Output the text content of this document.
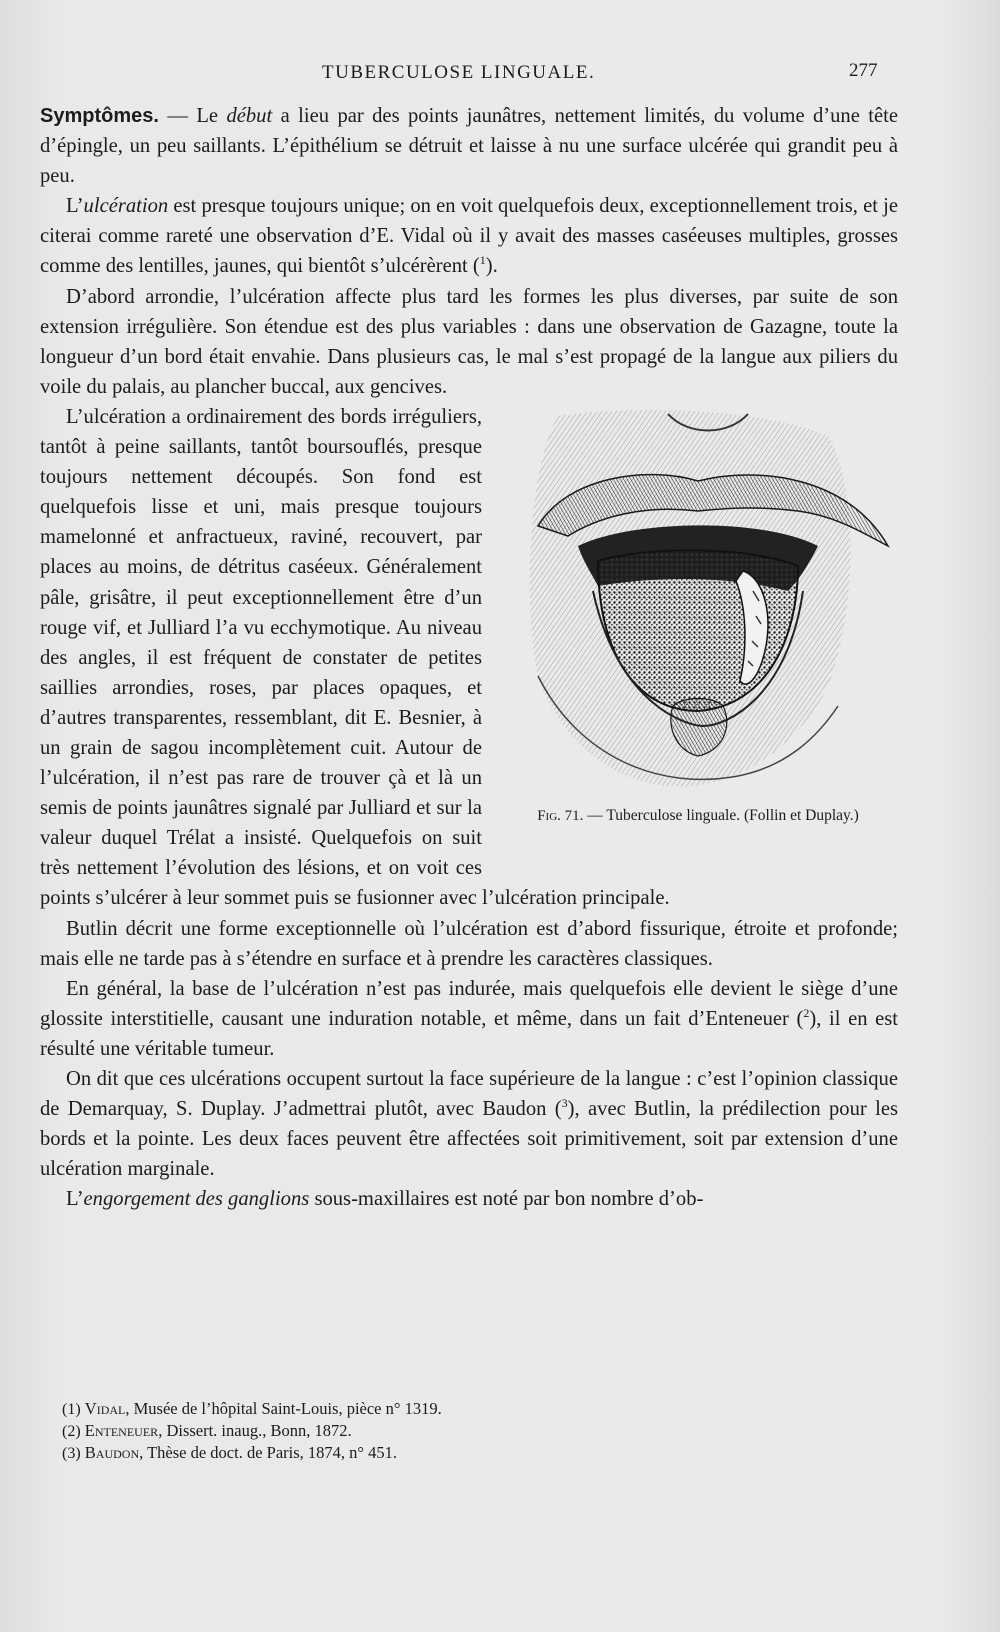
TUBERCULOSE LINGUALE.	277

Symptômes. — Le début a lieu par des points jaunâtres, nettement limités, du volume d’une tête d’épingle, un peu saillants. L’épithélium se détruit et laisse à nu une surface ulcérée qui grandit peu à peu.

L’ulcération est presque toujours unique; on en voit quelquefois deux, exceptionnellement trois, et je citerai comme rareté une observation d’E. Vidal où il y avait des masses caséeuses multiples, grosses comme des lentilles, jaunes, qui bientôt s’ulcérèrent ($^1$).

D’abord arrondie, l’ulcération affecte plus tard les formes les plus diverses, par suite de son extension irrégulière. Son étendue est des plus variables : dans une observation de Gazagne, toute la longueur d’un bord était envahie. Dans plusieurs cas, le mal s’est propagé de la langue aux piliers du voile du palais, au plancher buccal, aux gencives.

Fig. 71. — Tuberculose linguale. (Follin et Duplay.)

L’ulcération a ordinairement des bords irréguliers, tantôt à peine saillants, tantôt boursouflés, presque toujours nettement découpés. Son fond est quelquefois lisse et uni, mais presque toujours mamelonné et anfractueux, raviné, recouvert, par places au moins, de détritus caséeux. Généralement pâle, grisâtre, il peut exceptionnellement être d’un rouge vif, et Julliard l’a vu ecchymotique. Au niveau des angles, il est fréquent de constater de petites saillies arrondies, roses, par places opaques, et d’autres transparentes, ressemblant, dit E. Besnier, à un grain de sagou incomplètement cuit. Autour de l’ulcération, il n’est pas rare de trouver çà et là un semis de points jaunâtres signalé par Julliard et sur la valeur duquel Trélat a insisté. Quelquefois on suit très nettement l’évolution des lésions, et on voit ces points s’ulcérer à leur sommet puis se fusionner avec l’ulcération principale.

Butlin décrit une forme exceptionnelle où l’ulcération est d’abord fissurique, étroite et profonde; mais elle ne tarde pas à s’étendre en surface et à prendre les caractères classiques.

En général, la base de l’ulcération n’est pas indurée, mais quelquefois elle devient le siège d’une glossite interstitielle, causant une induration notable, et même, dans un fait d’Enteneuer ($^2$), il en est résulté une véritable tumeur.

On dit que ces ulcérations occupent surtout la face supérieure de la langue : c’est l’opinion classique de Demarquay, S. Duplay. J’admettrai plutôt, avec Baudon ($^3$), avec Butlin, la prédilection pour les bords et la pointe. Les deux faces peuvent être affectées soit primitivement, soit par extension d’une ulcération marginale.

L’engorgement des ganglions sous-maxillaires est noté par bon nombre d’ob-

(1) Vidal, Musée de l’hôpital Saint-Louis, pièce n° 1319.

(2) Enteneuer, Dissert. inaug., Bonn, 1872.

(3) Baudon, Thèse de doct. de Paris, 1874, n° 451.
